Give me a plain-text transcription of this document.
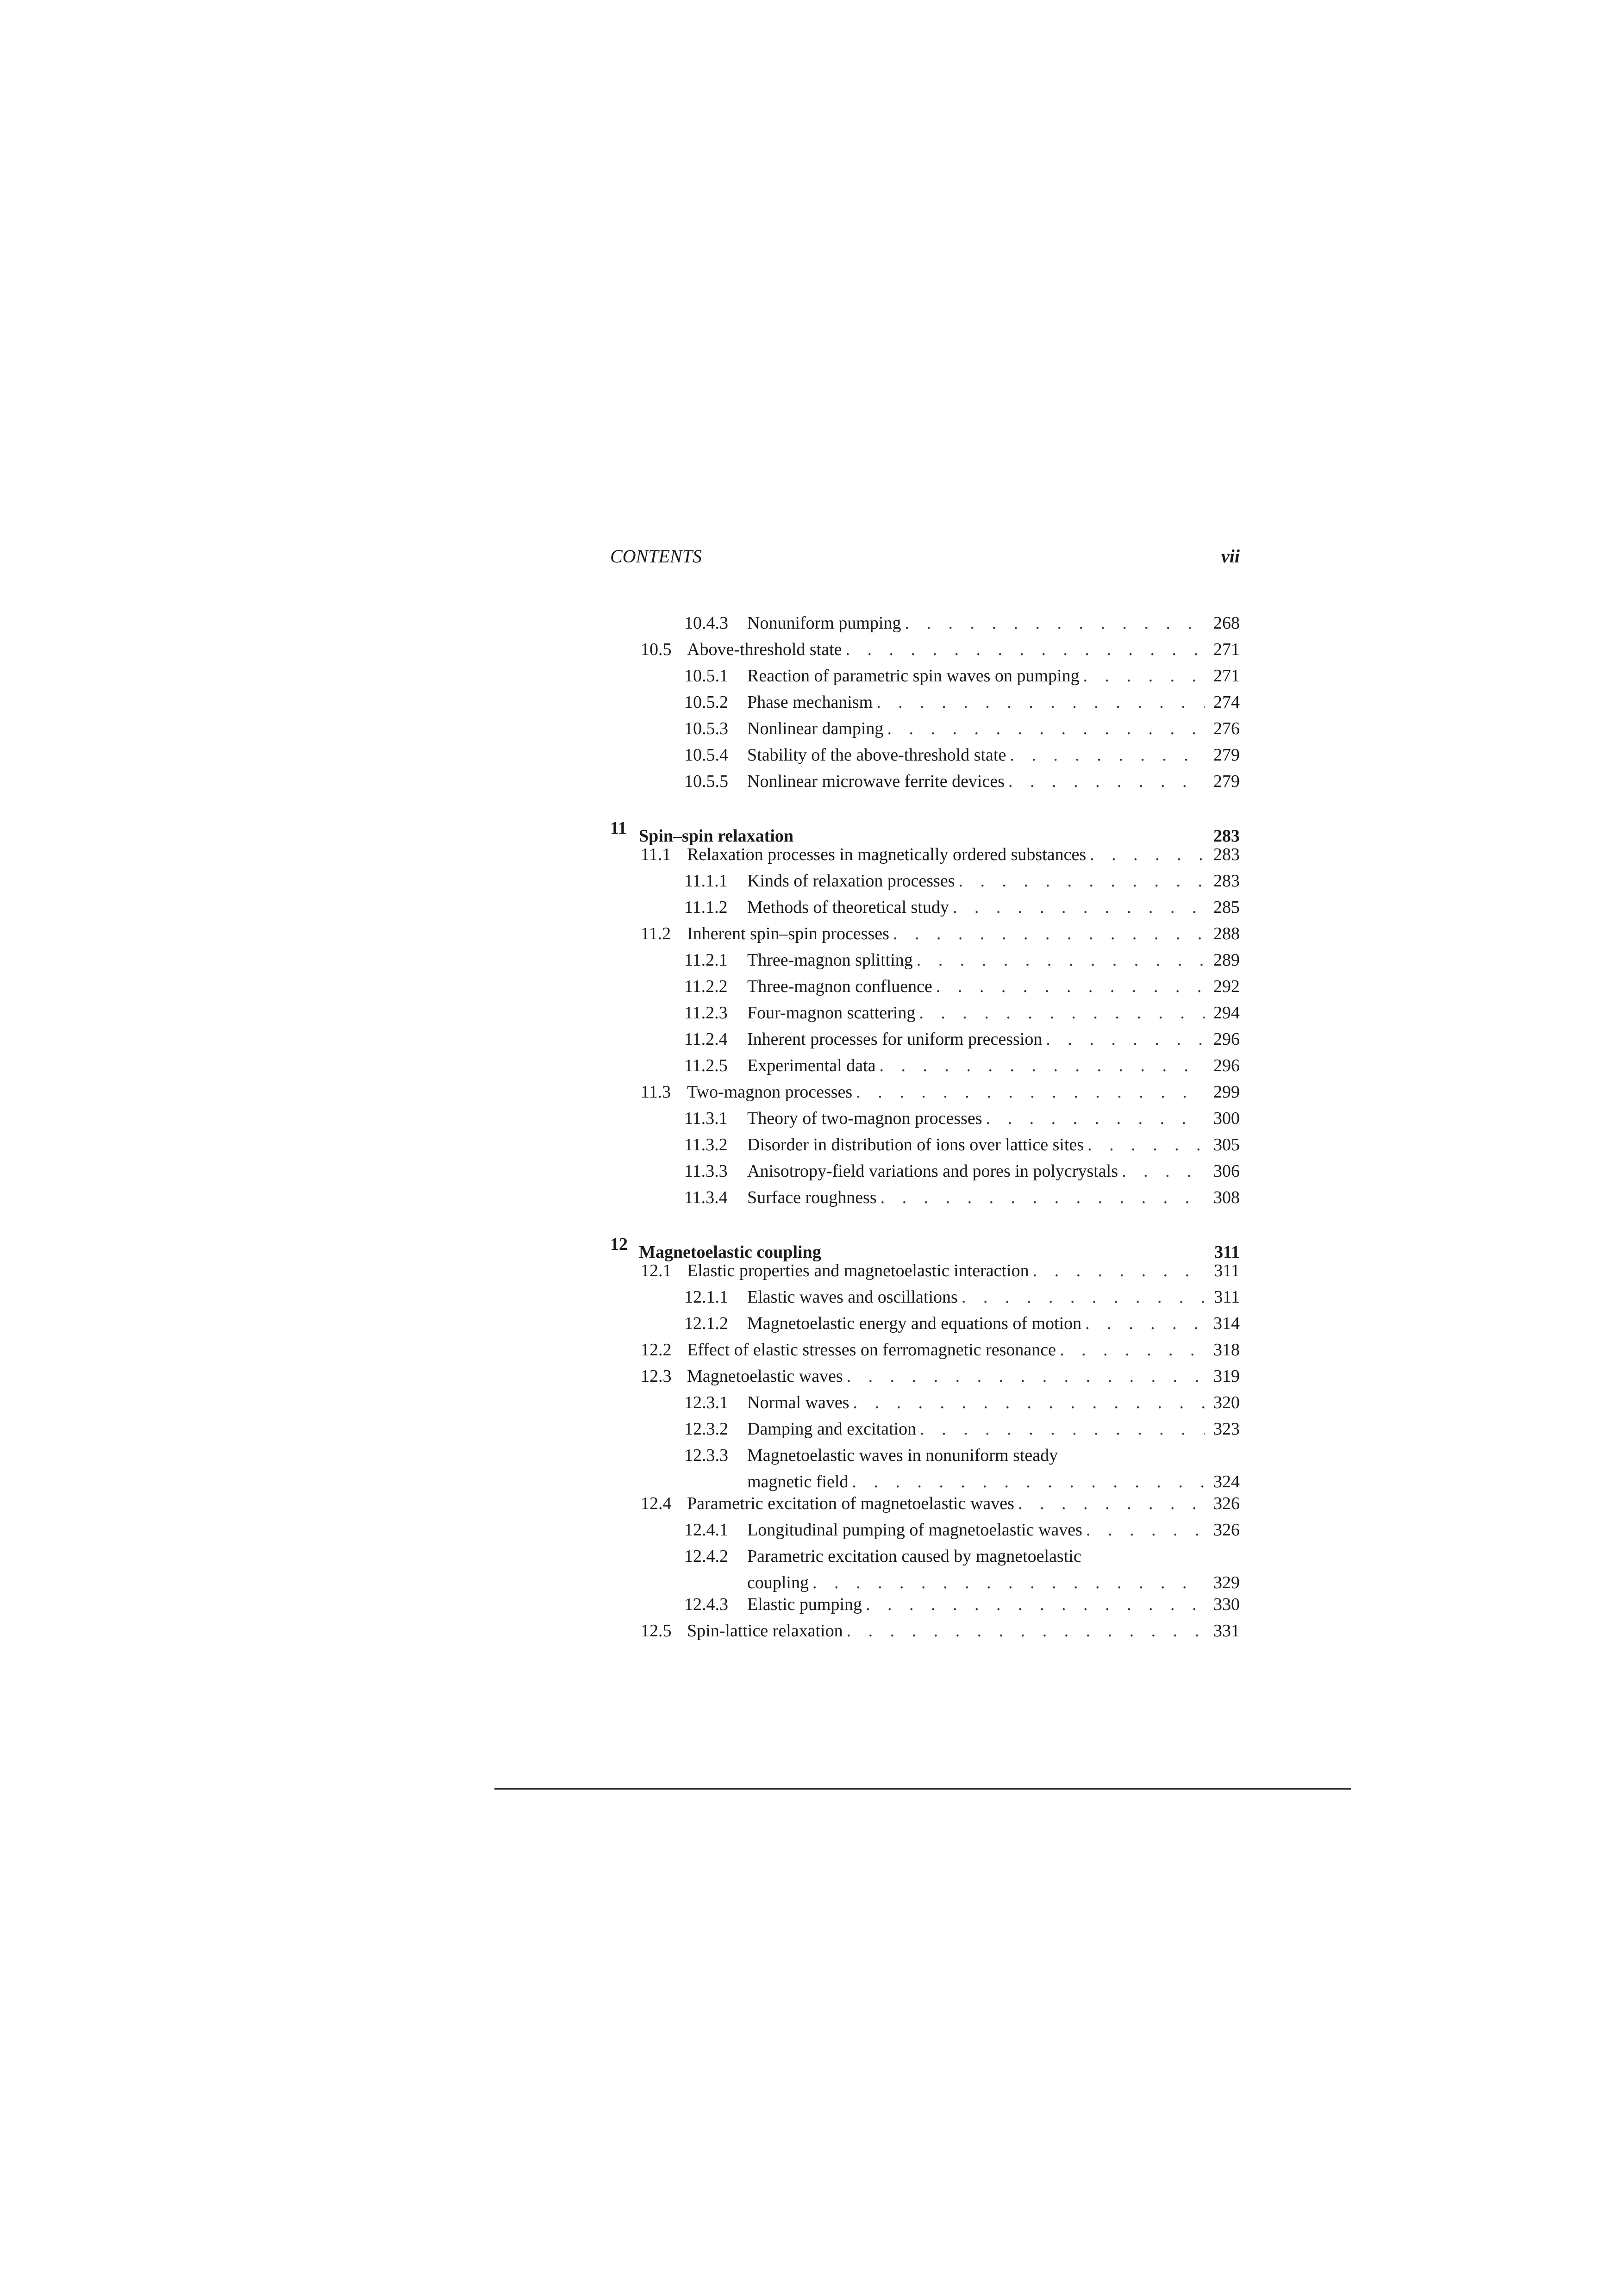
CONTENTS	vii
10.4.3 Nonuniform pumping . . .	268
10.5 Above-threshold state . . .	271
10.5.1 Reaction of parametric spin waves on pumping . . .	271
10.5.2 Phase mechanism . . .	274
10.5.3 Nonlinear damping . . .	276
10.5.4 Stability of the above-threshold state . . .	279
10.5.5 Nonlinear microwave ferrite devices . . .	279
11 Spin–spin relaxation	283
11.1 Relaxation processes in magnetically ordered substances . . .	283
11.1.1 Kinds of relaxation processes . . .	283
11.1.2 Methods of theoretical study . . .	285
11.2 Inherent spin–spin processes . . .	288
11.2.1 Three-magnon splitting . . .	289
11.2.2 Three-magnon confluence . . .	292
11.2.3 Four-magnon scattering . . .	294
11.2.4 Inherent processes for uniform precession . . .	296
11.2.5 Experimental data . . .	296
11.3 Two-magnon processes . . .	299
11.3.1 Theory of two-magnon processes . . .	300
11.3.2 Disorder in distribution of ions over lattice sites . . .	305
11.3.3 Anisotropy-field variations and pores in polycrystals . . .	306
11.3.4 Surface roughness . . .	308
12 Magnetoelastic coupling	311
12.1 Elastic properties and magnetoelastic interaction . . .	311
12.1.1 Elastic waves and oscillations . . .	311
12.1.2 Magnetoelastic energy and equations of motion . . .	314
12.2 Effect of elastic stresses on ferromagnetic resonance . . .	318
12.3 Magnetoelastic waves . . .	319
12.3.1 Normal waves . . .	320
12.3.2 Damping and excitation . . .	323
12.3.3 Magnetoelastic waves in nonuniform steady
magnetic field . . .	324
12.4 Parametric excitation of magnetoelastic waves . . .	326
12.4.1 Longitudinal pumping of magnetoelastic waves . . .	326
12.4.2 Parametric excitation caused by magnetoelastic
coupling . . .	329
12.4.3 Elastic pumping . . .	330
12.5 Spin-lattice relaxation . . .	331
